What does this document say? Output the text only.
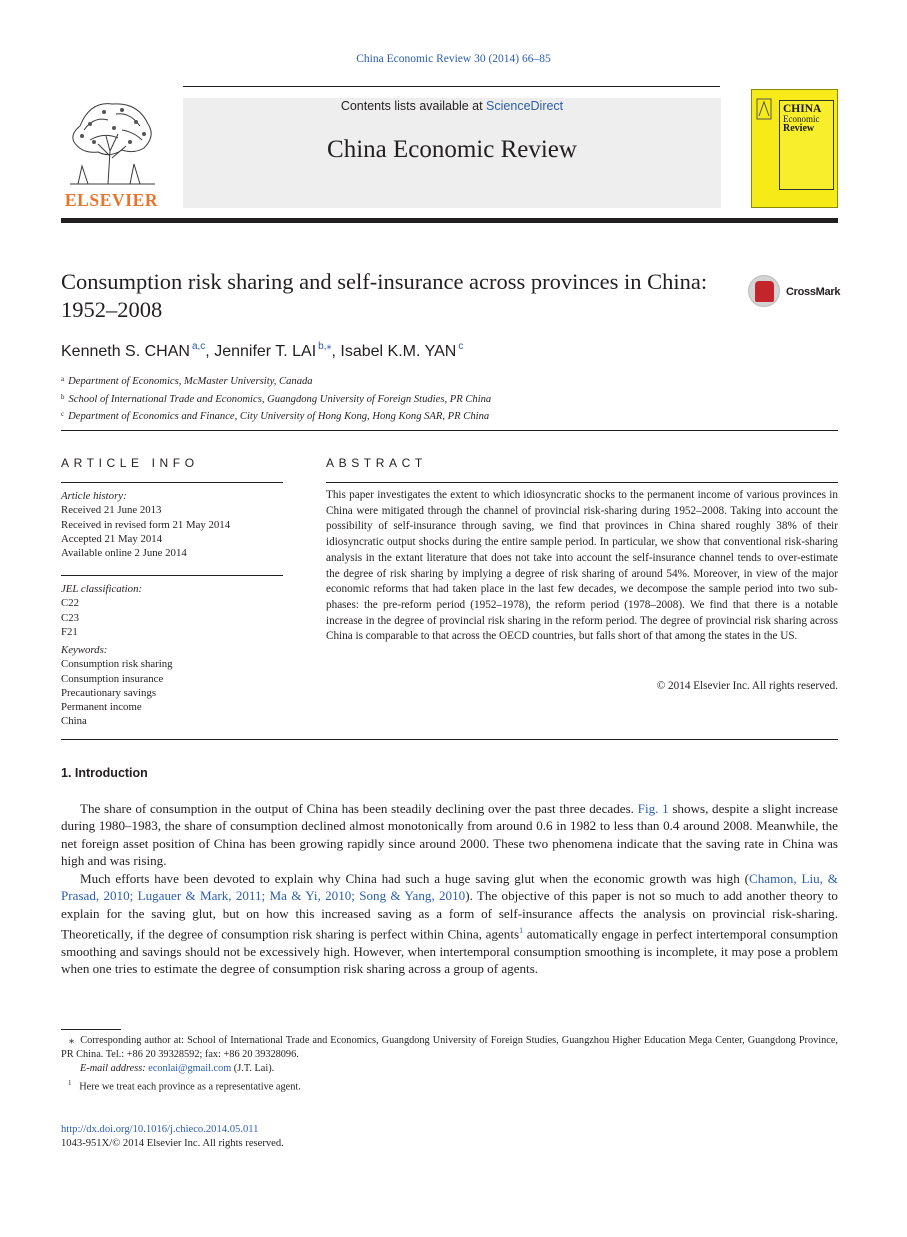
China Economic Review 30 (2014) 66–85
ELSEVIER
Contents lists available at ScienceDirect
China Economic Review
CHINA
Economic
Review
Consumption risk sharing and self-insurance across provinces in China: 1952–2008
CrossMark
Kenneth S. CHAN $^{a,c}$, Jennifer T. LAI $^{b,⁎}$, Isabel K.M. YAN $^c$
$^a$ Department of Economics, McMaster University, Canada
$^b$ School of International Trade and Economics, Guangdong University of Foreign Studies, PR China
$^c$ Department of Economics and Finance, City University of Hong Kong, Hong Kong SAR, PR China
ARTICLE INFO
Article history:
Received 21 June 2013
Received in revised form 21 May 2014
Accepted 21 May 2014
Available online 2 June 2014
JEL classification:
C22
C23
F21
Keywords:
Consumption risk sharing
Consumption insurance
Precautionary savings
Permanent income
China
ABSTRACT
This paper investigates the extent to which idiosyncratic shocks to the permanent income of various provinces in China were mitigated through the channel of provincial risk-sharing during 1952–2008. Taking into account the possibility of self-insurance through saving, we find that provinces in China shared roughly 38% of their idiosyncratic output shocks during the entire sample period. In particular, we show that conventional risk-sharing analysis in the extant literature that does not take into account the self-insurance channel tends to over-estimate the degree of risk sharing by implying a degree of risk sharing of around 54%. Moreover, in view of the major economic reforms that had taken place in the last few decades, we decompose the sample period into two sub-phases: the pre-reform period (1952–1978), the reform period (1978–2008). We find that there is a notable increase in the degree of provincial risk sharing in the reform period. The degree of provincial risk sharing across China is comparable to that across the OECD countries, but falls short of that among the states in the US.
© 2014 Elsevier Inc. All rights reserved.
1. Introduction
The share of consumption in the output of China has been steadily declining over the past three decades. Fig. 1 shows, despite a slight increase during 1980–1983, the share of consumption declined almost monotonically from around 0.6 in 1982 to less than 0.4 around 2008. Meanwhile, the net foreign asset position of China has been growing rapidly since around 2000. These two phenomena indicate that the saving rate in China was high and was rising.
Much efforts have been devoted to explain why China had such a huge saving glut when the economic growth was high (Chamon, Liu, & Prasad, 2010; Lugauer & Mark, 2011; Ma & Yi, 2010; Song & Yang, 2010). The objective of this paper is not so much to add another theory to explain for the saving glut, but on how this increased saving as a form of self-insurance affects the analysis on provincial risk-sharing. Theoretically, if the degree of consumption risk sharing is perfect within China, agents$^1$ automatically engage in perfect intertemporal consumption smoothing and savings should not be excessively high. However, when intertemporal consumption smoothing is incomplete, it may pose a problem when one tries to estimate the degree of consumption risk sharing across a group of agents.
⁎ Corresponding author at: School of International Trade and Economics, Guangdong University of Foreign Studies, Guangzhou Higher Education Mega Center, Guangdong Province, PR China. Tel.: +86 20 39328592; fax: +86 20 39328096.
E-mail address: econlai@gmail.com (J.T. Lai).
$^1$ Here we treat each province as a representative agent.
http://dx.doi.org/10.1016/j.chieco.2014.05.011
1043-951X/© 2014 Elsevier Inc. All rights reserved.
